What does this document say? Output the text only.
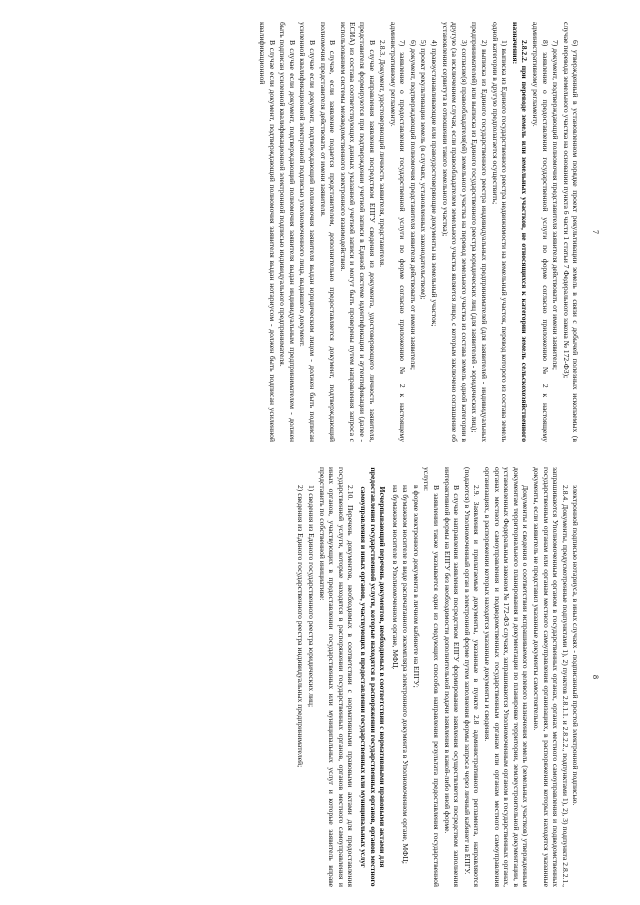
7

6) утвержденный в установленном порядке проект рекультивации земель в связи с добычей полезных ископаемых (в случае перевода земельного участка на основании пункта 6 части 1 статьи 7 Федерального закона № 172-ФЗ);

7) документ, подтверждающий полномочия представителя заявителя действовать от имени заявителя;

8) заявление о предоставлении государственной услуги по форме согласно приложению № 2 к настоящему административному регламенту.

2.8.2.2. при переводе земель или земельных участков, не относящихся к категории земель сельскохозяйственного назначения:

1) выписка из Единого государственного реестра недвижимости на земельный участок, перевод которого из состава земель одной категории в другую предполагается осуществить;

2) выписка из Единого государственного реестра индивидуальных предпринимателей (для заявителей - индивидуальных предпринимателей) или выписка из Единого государственного реестра юридических лиц (для заявителей - юридических лиц);

3) согласие(я) правообладателя(ей) земельного участка на перевод земельного участка из состава земель одной категории в другую (за исключением случая, если правообладателем земельного участка является лицо, с которым заключено соглашение об установлении сервитута в отношении такого земельного участка);

4) правоустанавливающие или правоудостоверяющие документы на земельный участок;

5) проект рекультивации земель (в случаях, установленных законодательством);

6) документ, подтверждающий полномочия представителя заявителя действовать от имени заявителя;

7) заявление о предоставлении государственной услуги по форме согласно приложению № 2 к настоящему административному регламенту.

2.8.3. Документ, удостоверяющий личность заявителя, представителя.

В случае направления заявления посредством ЕПГУ сведения из документа, удостоверяющего личность заявителя, представителя формируются при подтверждении учетной записи в Единой системе идентификации и аутентификации (далее - ЕСИА) из состава соответствующих данных указанной учетной записи и могут быть проверены путем направления запроса с использованием системы межведомственного электронного взаимодействия.

В случае, если заявление подается представителем, дополнительно предоставляется документ, подтверждающий полномочия представителя действовать от имени заявителя.

В случае если документ, подтверждающий полномочия заявителя выдан юридическим лицом - должен быть подписан усиленной квалификационной электронной подписью уполномоченного лица, выдавшего документ.

В случае если документ, подтверждающий полномочия заявителя выдан индивидуальным предпринимателем - должен быть подписан усиленной квалификационной электронной подписью индивидуального предпринимателя.

В случае если документ, подтверждающий полномочия заявителя выдан нотариусом - должен быть подписан усиленной квалификационной

8

электронной подписью нотариуса, в иных случаях - подписанный простой электронной подписью.

2.8.4. Документы, предусмотренные подпунктами 1), 2) пунктов 2.8.1.1. и 2.8.2.2., подпунктами 1), 2), 3) подпункта 2.8.2.1., запрашиваются Уполномоченным органом в государственных органах, органах местного самоуправления и подведомственных государственным органам или органам местного самоуправления организациях, в распоряжении которых находятся указанные документы, если заявитель не представил указанные документы самостоятельно.

Документы и сведения о соответствии испрашиваемого целевого назначения земель (земельных участков) утвержденным документам территориального планирования и документации по планировке территории, землеустроительной документации, в установленных Федеральным законом № 172-ФЗ случаях, запрашиваются Уполномоченным органом в государственных органах, органах местного самоуправления и подведомственных государственным органам или органам местного самоуправления организациях, в распоряжении которых находятся указанные документы и сведения.

2.9. Заявления и прилагаемые документы, указанные в пункте 2.8 административного регламента, направляются (подаются) в Уполномоченный орган в электронной форме путем заполнения формы запроса через личный кабинет на ЕПГУ.

В случае направления заявления посредством ЕПГУ формирование заявления осуществляется посредством заполнения интерактивной формы на ЕПГУ без необходимости дополнительной подачи заявления в какой-либо иной форме.

В заявлении также указывается один из следующих способов направления результата предоставления государственной услуги:

в форме электронного документа в личном кабинете на ЕПГУ;

на бумажном носителе в виде распечатанного экземпляра электронного документа в Уполномоченном органе, МФЦ;

на бумажном носителе в Уполномоченном органе, МФЦ.

Исчерпывающий перечень документов, необходимых в соответствии с нормативными правовыми актами для предоставления государственной услуги, которые находятся в распоряжении государственных органов, органов местного самоуправления и иных органов, участвующих в предоставлении государственных или муниципальных услуг

2.10. Перечень документов, необходимых в соответствии с нормативными правовыми актами для предоставления государственной услуги, которые находятся в распоряжении государственных органов, органов местного самоуправления и иных органов, участвующих в предоставлении государственных или муниципальных услуг и которые заявитель вправе представить по собственной инициативе:

1) сведения из Единого государственного реестра юридических лиц;

2) сведения из Единого государственного реестра индивидуальных предпринимателей;
